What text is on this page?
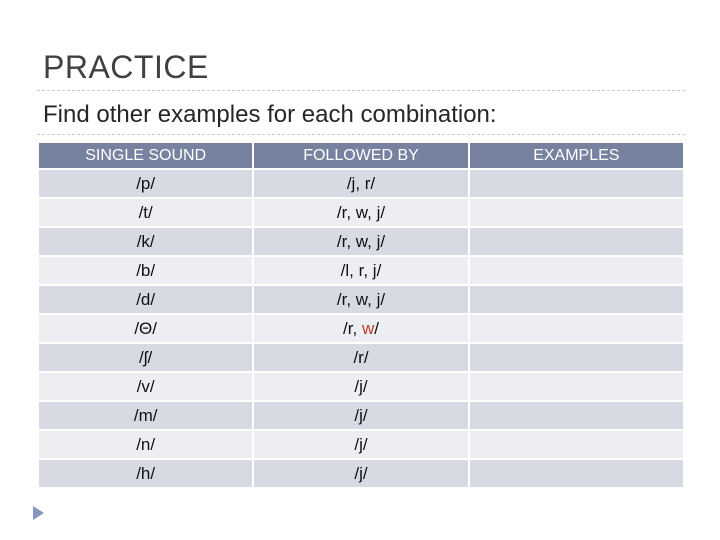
PRACTICE
Find other examples for each combination:
SINGLE SOUND	FOLLOWED BY	EXAMPLES
/p/	/j, r/	
/t/	/r, w, j/	
/k/	/r, w, j/	
/b/	/l, r, j/	
/d/	/r, w, j/	
/Θ/	/r, w/	
/ʃ/	/r/	
/v/	/j/	
/m/	/j/	
/n/	/j/	
/h/	/j/	
